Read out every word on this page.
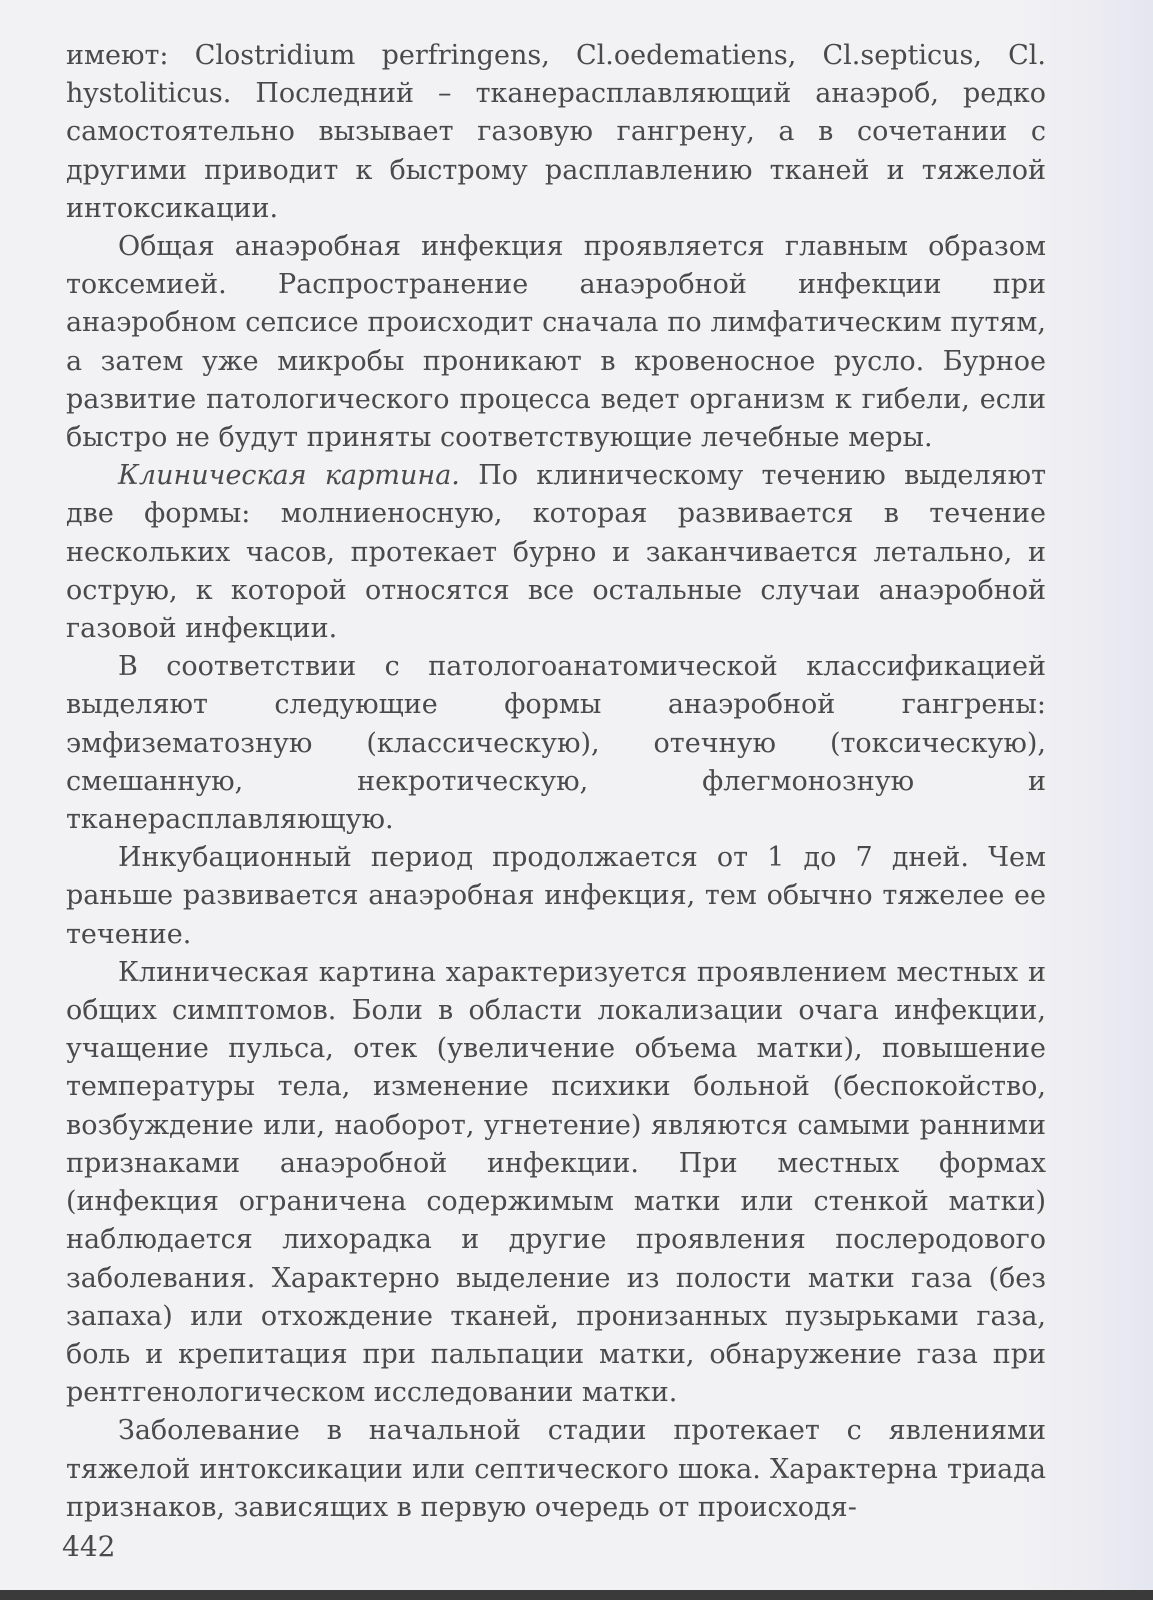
имеют: Clostridium perfringens, Cl.oedematiens, Cl.septicus, Cl. hystoliticus. Последний – тканерасплавляющий анаэроб, редко самостоятельно вызывает газовую гангрену, а в сочетании с другими приводит к быстрому расплавлению тканей и тяжелой интоксикации.

Общая анаэробная инфекция проявляется главным образом токсемией. Распространение анаэробной инфекции при анаэробном сепсисе происходит сначала по лимфатическим путям, а затем уже микробы проникают в кровеносное русло. Бурное развитие патологического процесса ведет организм к гибели, если быстро не будут приняты соответствующие лечебные меры.

Клиническая картина. По клиническому течению выделяют две формы: молниеносную, которая развивается в течение нескольких часов, протекает бурно и заканчивается летально, и острую, к которой относятся все остальные случаи анаэробной газовой инфекции.

В соответствии с патологоанатомической классификацией выделяют следующие формы анаэробной гангрены: эмфизематозную (классическую), отечную (токсическую), смешанную, некротическую, флегмонозную и тканерасплавляющую.

Инкубационный период продолжается от 1 до 7 дней. Чем раньше развивается анаэробная инфекция, тем обычно тяжелее ее течение.

Клиническая картина характеризуется проявлением местных и общих симптомов. Боли в области локализации очага инфекции, учащение пульса, отек (увеличение объема матки), повышение температуры тела, изменение психики больной (беспокойство, возбуждение или, наоборот, угнетение) являются самыми ранними признаками анаэробной инфекции. При местных формах (инфекция ограничена содержимым матки или стенкой матки) наблюдается лихорадка и другие проявления послеродового заболевания. Характерно выделение из полости матки газа (без запаха) или отхождение тканей, пронизанных пузырьками газа, боль и крепитация при пальпации матки, обнаружение газа при рентгенологическом исследовании матки.

Заболевание в начальной стадии протекает с явлениями тяжелой интоксикации или септического шока. Характерна триада признаков, зависящих в первую очередь от происходя-

442
